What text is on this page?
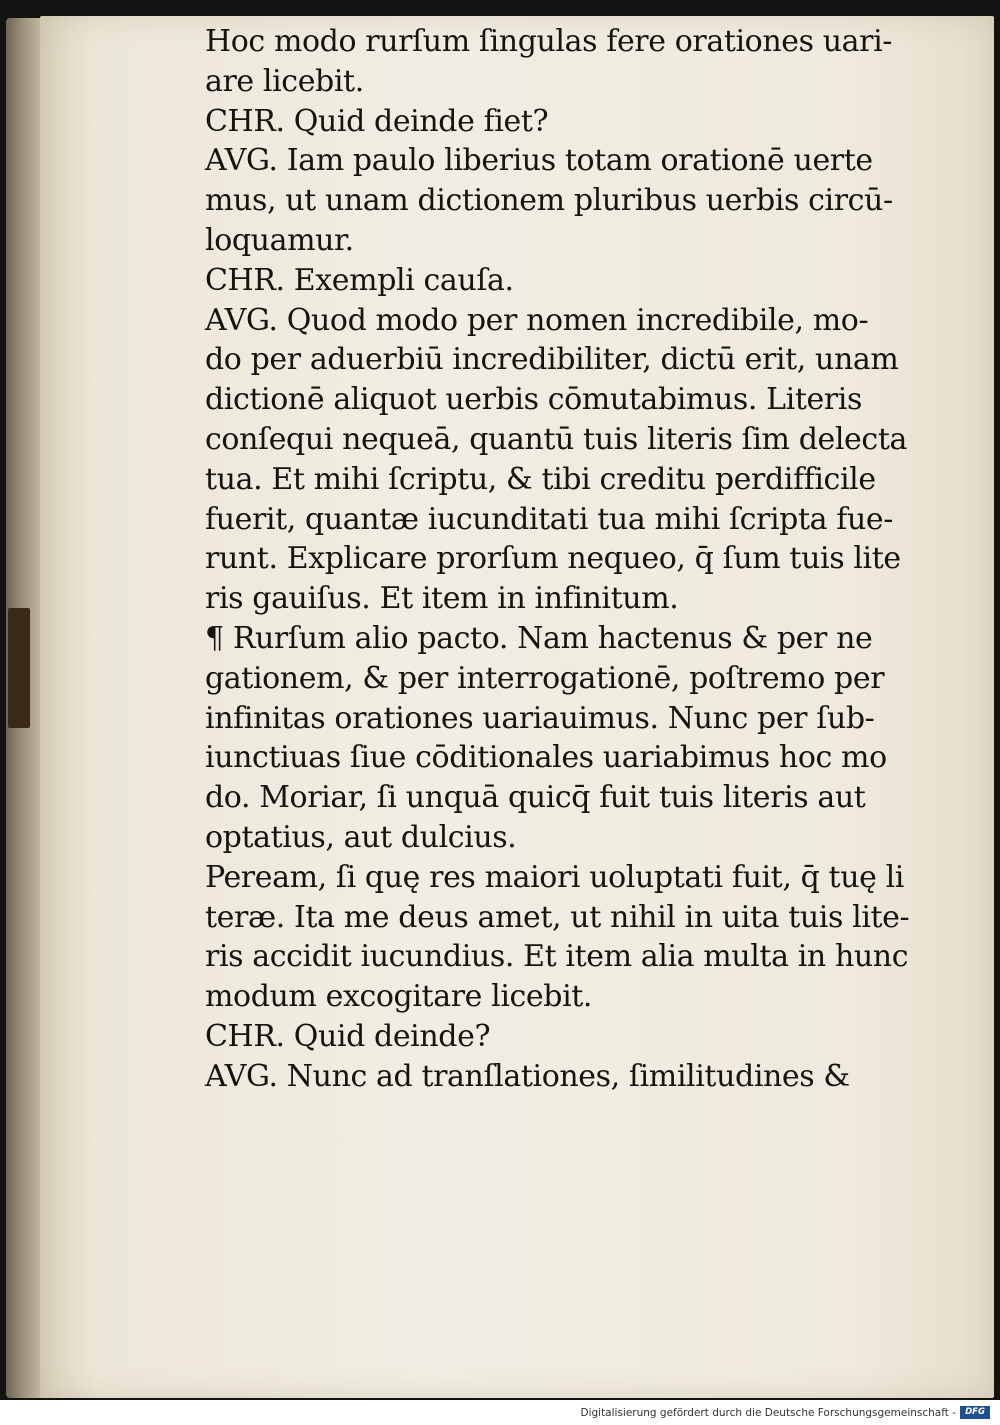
Hoc modo rurſum ſingulas fere orationes uari-
are licebit.
CHR. Quid deinde fiet?
AVG. Iam paulo liberius totam orationē uerte
mus, ut unam dictionem pluribus uerbis circū-
loquamur.
CHR. Exempli cauſa.
AVG. Quod modo per nomen incredibile, mo-
do per aduerbiū incredibiliter, dictū erit, unam
dictionē aliquot uerbis cōmutabimus. Literis
conſequi nequeā, quantū tuis literis ſim delecta
tua. Et mihi ſcriptu, & tibi creditu perdifficile
fuerit, quantæ iucunditati tua mihi ſcripta fue-
runt. Explicare prorſum nequeo, q̄ ſum tuis lite
ris gauiſus. Et item in infinitum.
¶ Rurſum alio pacto. Nam hactenus & per ne
gationem, & per interrogationē, poſtremo per
infinitas orationes uariauimus. Nunc per ſub-
iunctiuas ſiue cōditionales uariabimus hoc mo
do. Moriar, ſi unquā quicq̄ fuit tuis literis aut
optatius, aut dulcius.
Peream, ſi quę res maiori uoluptati fuit, q̄ tuę li
teræ. Ita me deus amet, ut nihil in uita tuis lite-
ris accidit iucundius. Et item alia multa in hunc
modum excogitare licebit.
CHR. Quid deinde?
AVG. Nunc ad tranſlationes, ſimilitudines &
Digitalisierung gefördert durch die Deutsche Forschungsgemeinschaft -	DFG
